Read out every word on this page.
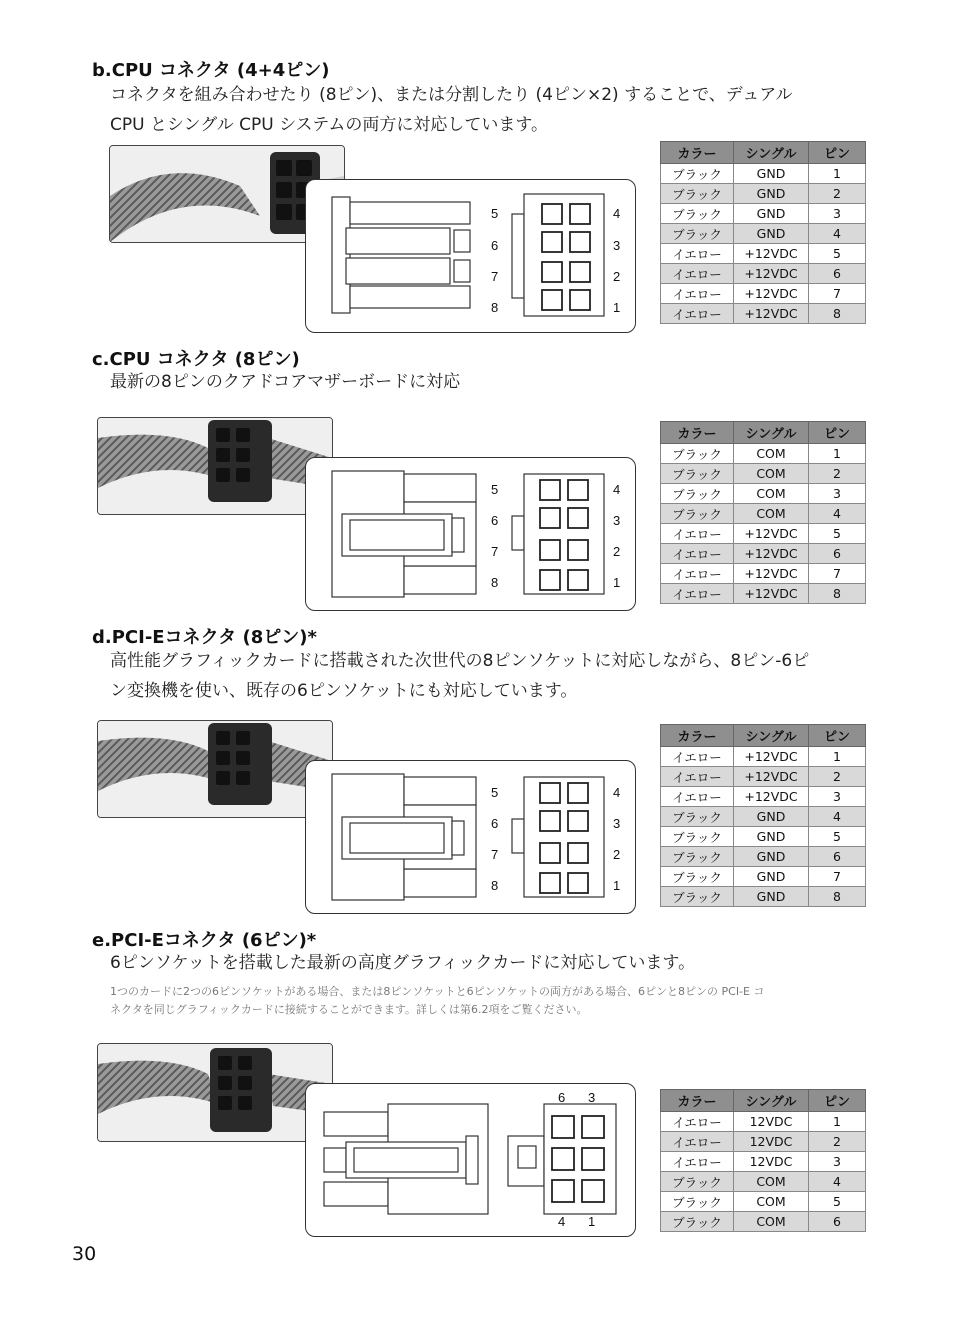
b.CPU コネクタ (4+4ピン)

コネクタを組み合わせたり (8ピン)、または分割したり (4ピン×2) することで、デュアル
CPU とシングル CPU システムの両方に対応しています。

5
6
7
8
4
3
2
1
カラー	シングル	ピン
ブラック	GND	1
ブラック	GND	2
ブラック	GND	3
ブラック	GND	4
イエロー	+12VDC	5
イエロー	+12VDC	6
イエロー	+12VDC	7
イエロー	+12VDC	8
c.CPU コネクタ (8ピン)

最新の8ピンのクアドコアマザーボードに対応

5
6
7
8
4
3
2
1
カラー	シングル	ピン
ブラック	COM	1
ブラック	COM	2
ブラック	COM	3
ブラック	COM	4
イエロー	+12VDC	5
イエロー	+12VDC	6
イエロー	+12VDC	7
イエロー	+12VDC	8
d.PCI-Eコネクタ (8ピン)*

高性能グラフィックカードに搭載された次世代の8ピンソケットに対応しながら、8ピン-6ピ
ン変換機を使い、既存の6ピンソケットにも対応しています。

5
6
7
8
4
3
2
1
カラー	シングル	ピン
イエロー	+12VDC	1
イエロー	+12VDC	2
イエロー	+12VDC	3
ブラック	GND	4
ブラック	GND	5
ブラック	GND	6
ブラック	GND	7
ブラック	GND	8
e.PCI-Eコネクタ (6ピン)*

6ピンソケットを搭載した最新の高度グラフィックカードに対応しています。

1つのカードに2つの6ピンソケットがある場合、または8ピンソケットと6ピンソケットの両方がある場合、6ピンと8ピンの PCI-E コ
ネクタを同じグラフィックカードに接続することができます。詳しくは第6.2項をご覧ください。

6 3
4 1
カラー	シングル	ピン
イエロー	12VDC	1
イエロー	12VDC	2
イエロー	12VDC	3
ブラック	COM	4
ブラック	COM	5
ブラック	COM	6

30
